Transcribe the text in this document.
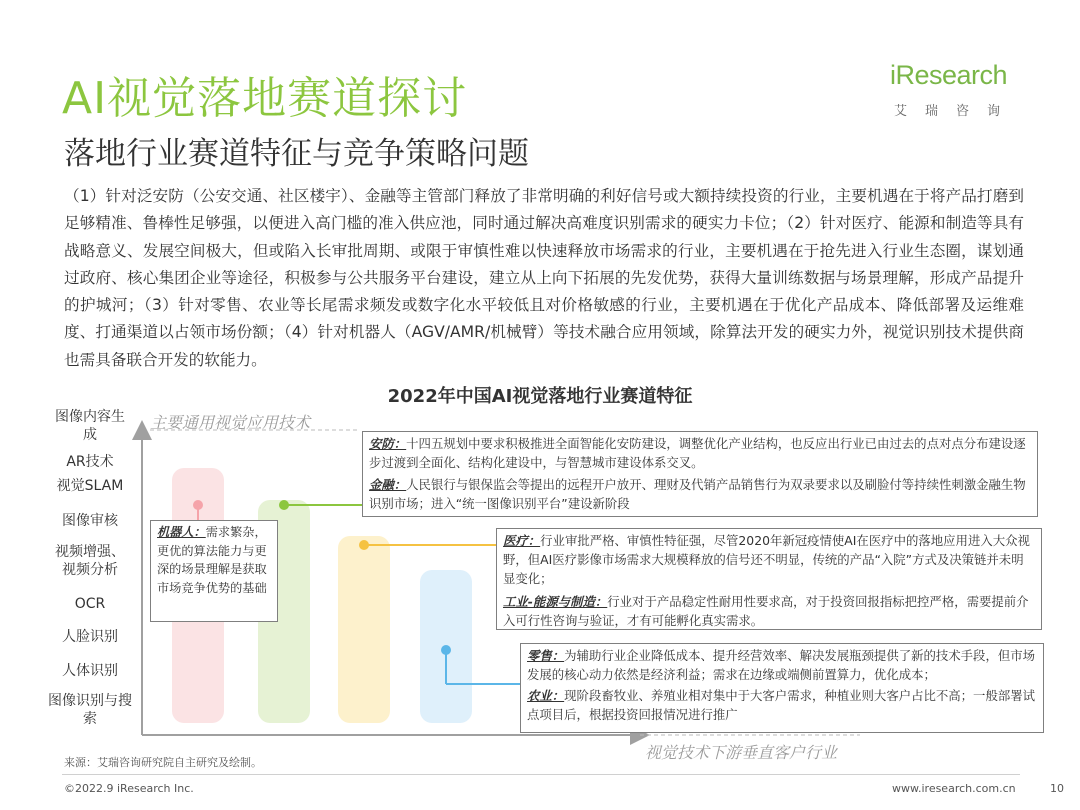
AI视觉落地赛道探讨
落地行业赛道特征与竞争策略问题
iResearch
艾瑞咨询
（1）针对泛安防（公安交通、社区楼宇）、金融等主管部门释放了非常明确的利好信号或大额持续投资的行业，主要机遇在于将产品打磨到足够精准、鲁棒性足够强，以便进入高门槛的准入供应池，同时通过解决高难度识别需求的硬实力卡位；（2）针对医疗、能源和制造等具有战略意义、发展空间极大，但或陷入长审批周期、或限于审慎性难以快速释放市场需求的行业，主要机遇在于抢先进入行业生态圈，谋划通过政府、核心集团企业等途径，积极参与公共服务平台建设，建立从上向下拓展的先发优势，获得大量训练数据与场景理解，形成产品提升的护城河；（3）针对零售、农业等长尾需求频发或数字化水平较低且对价格敏感的行业，主要机遇在于优化产品成本、降低部署及运维难度、打通渠道以占领市场份额；（4）针对机器人（AGV/AMR/机械臂）等技术融合应用领域，除算法开发的硬实力外，视觉识别技术提供商也需具备联合开发的软能力。
2022年中国AI视觉落地行业赛道特征
主要通用视觉应用技术
视觉技术下游垂直客户行业
图像内容生成
AR技术
视觉SLAM
图像审核
视频增强、视频分析
OCR
人脸识别
人体识别
图像识别与搜索
机器人：需求繁杂，更优的算法能力与更深的场景理解是获取市场竞争优势的基础

安防：十四五规划中要求积极推进全面智能化安防建设，调整优化产业结构，也反应出行业已由过去的点对点分布建设逐步过渡到全面化、结构化建设中，与智慧城市建设体系交叉。

金融：人民银行与银保监会等提出的远程开户放开、理财及代销产品销售行为双录要求以及刷脸付等持续性刺激金融生物识别市场；进入“统一图像识别平台”建设新阶段

医疗：行业审批严格、审慎性特征强，尽管2020年新冠疫情使AI在医疗中的落地应用进入大众视野，但AI医疗影像市场需求大规模释放的信号还不明显，传统的产品“入院”方式及决策链并未明显变化；

工业-能源与制造：行业对于产品稳定性耐用性要求高，对于投资回报指标把控严格，需要提前介入可行性咨询与验证，才有可能孵化真实需求。

零售：为辅助行业企业降低成本、提升经营效率、解决发展瓶颈提供了新的技术手段，但市场发展的核心动力依然是经济利益；需求在边缘或端侧前置算力，优化成本；

农业：现阶段畜牧业、养殖业相对集中于大客户需求，种植业则大客户占比不高；一般部署试点项目后，根据投资回报情况进行推广

来源：艾瑞咨询研究院自主研究及绘制。
©2022.9 iResearch Inc.	www.iresearch.com.cn	10
